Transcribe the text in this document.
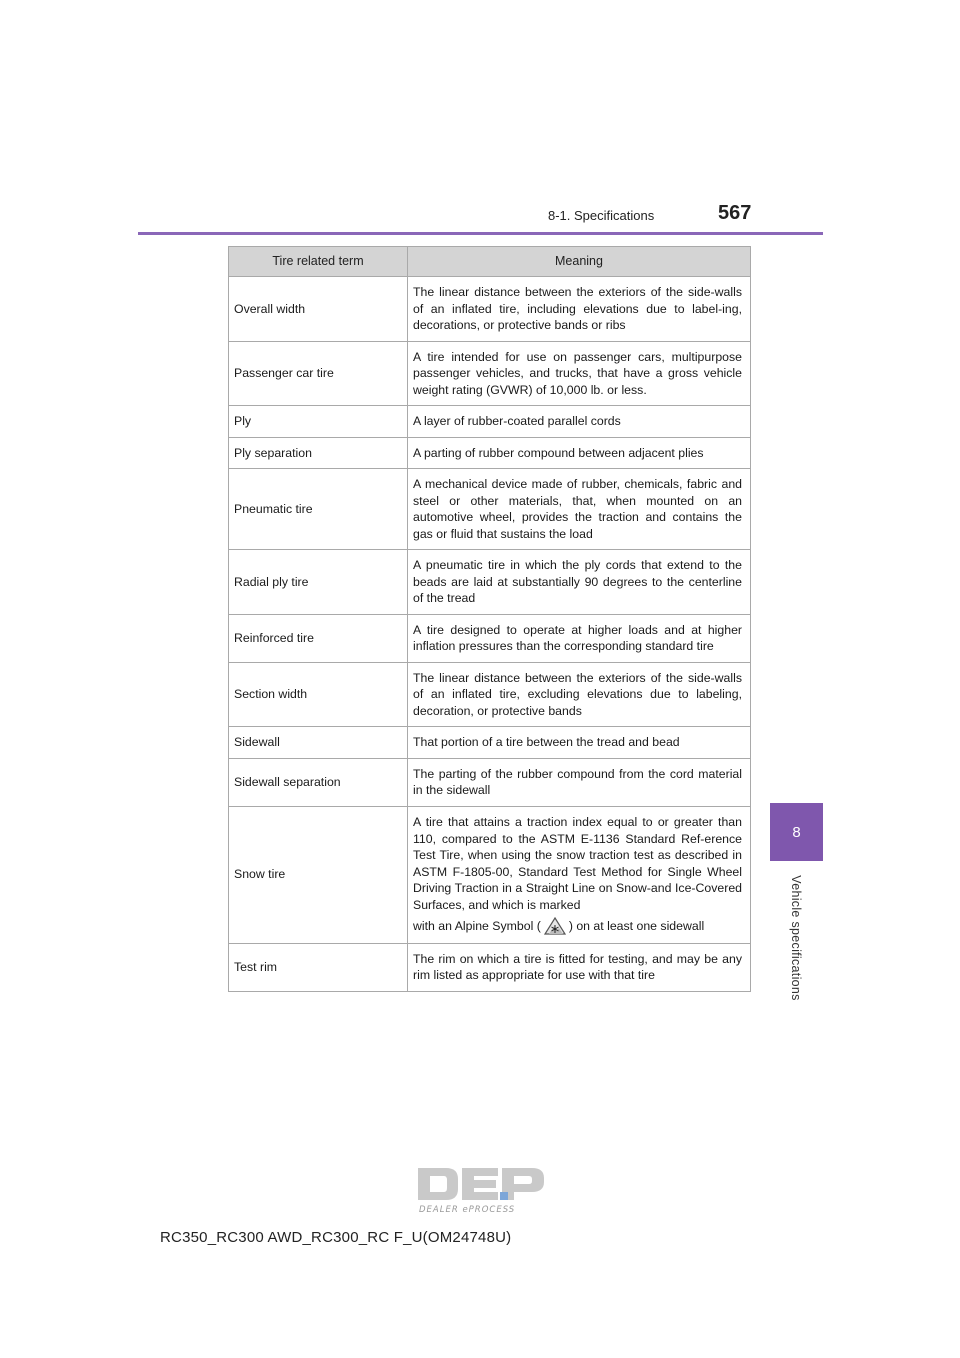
8-1. Specifications	567
8
Vehicle specifications
Tire related term	Meaning
Overall width	The linear distance between the exteriors of the side-walls of an inflated tire, including elevations due to label-ing, decorations, or protective bands or ribs
Passenger car tire	A tire intended for use on passenger cars, multipurpose passenger vehicles, and trucks, that have a gross vehicle weight rating (GVWR) of 10,000 lb. or less.
Ply	A layer of rubber-coated parallel cords
Ply separation	A parting of rubber compound between adjacent plies
Pneumatic tire	A mechanical device made of rubber, chemicals, fabric and steel or other materials, that, when mounted on an automotive wheel, provides the traction and contains the gas or fluid that sustains the load
Radial ply tire	A pneumatic tire in which the ply cords that extend to the beads are laid at substantially 90 degrees to the centerline of the tread
Reinforced tire	A tire designed to operate at higher loads and at higher inflation pressures than the corresponding standard tire
Section width	The linear distance between the exteriors of the side-walls of an inflated tire, excluding elevations due to labeling, decoration, or protective bands
Sidewall	That portion of a tire between the tread and bead
Sidewall separation	The parting of the rubber compound from the cord material in the sidewall
Snow tire	A tire that attains a traction index equal to or greater than 110, compared to the ASTM E-1136 Standard Ref-erence Test Tire, when using the snow traction test as described in ASTM F-1805-00, Standard Test Method for Single Wheel Driving Traction in a Straight Line on Snow-and Ice-Covered Surfaces, and which is marked
with an Alpine Symbol ( ) on at least one sidewall

Test rim	The rim on which a tire is fitted for testing, and may be any rim listed as appropriate for use with that tire
DEALER ePROCESS
RC350_RC300 AWD_RC300_RC F_U(OM24748U)
